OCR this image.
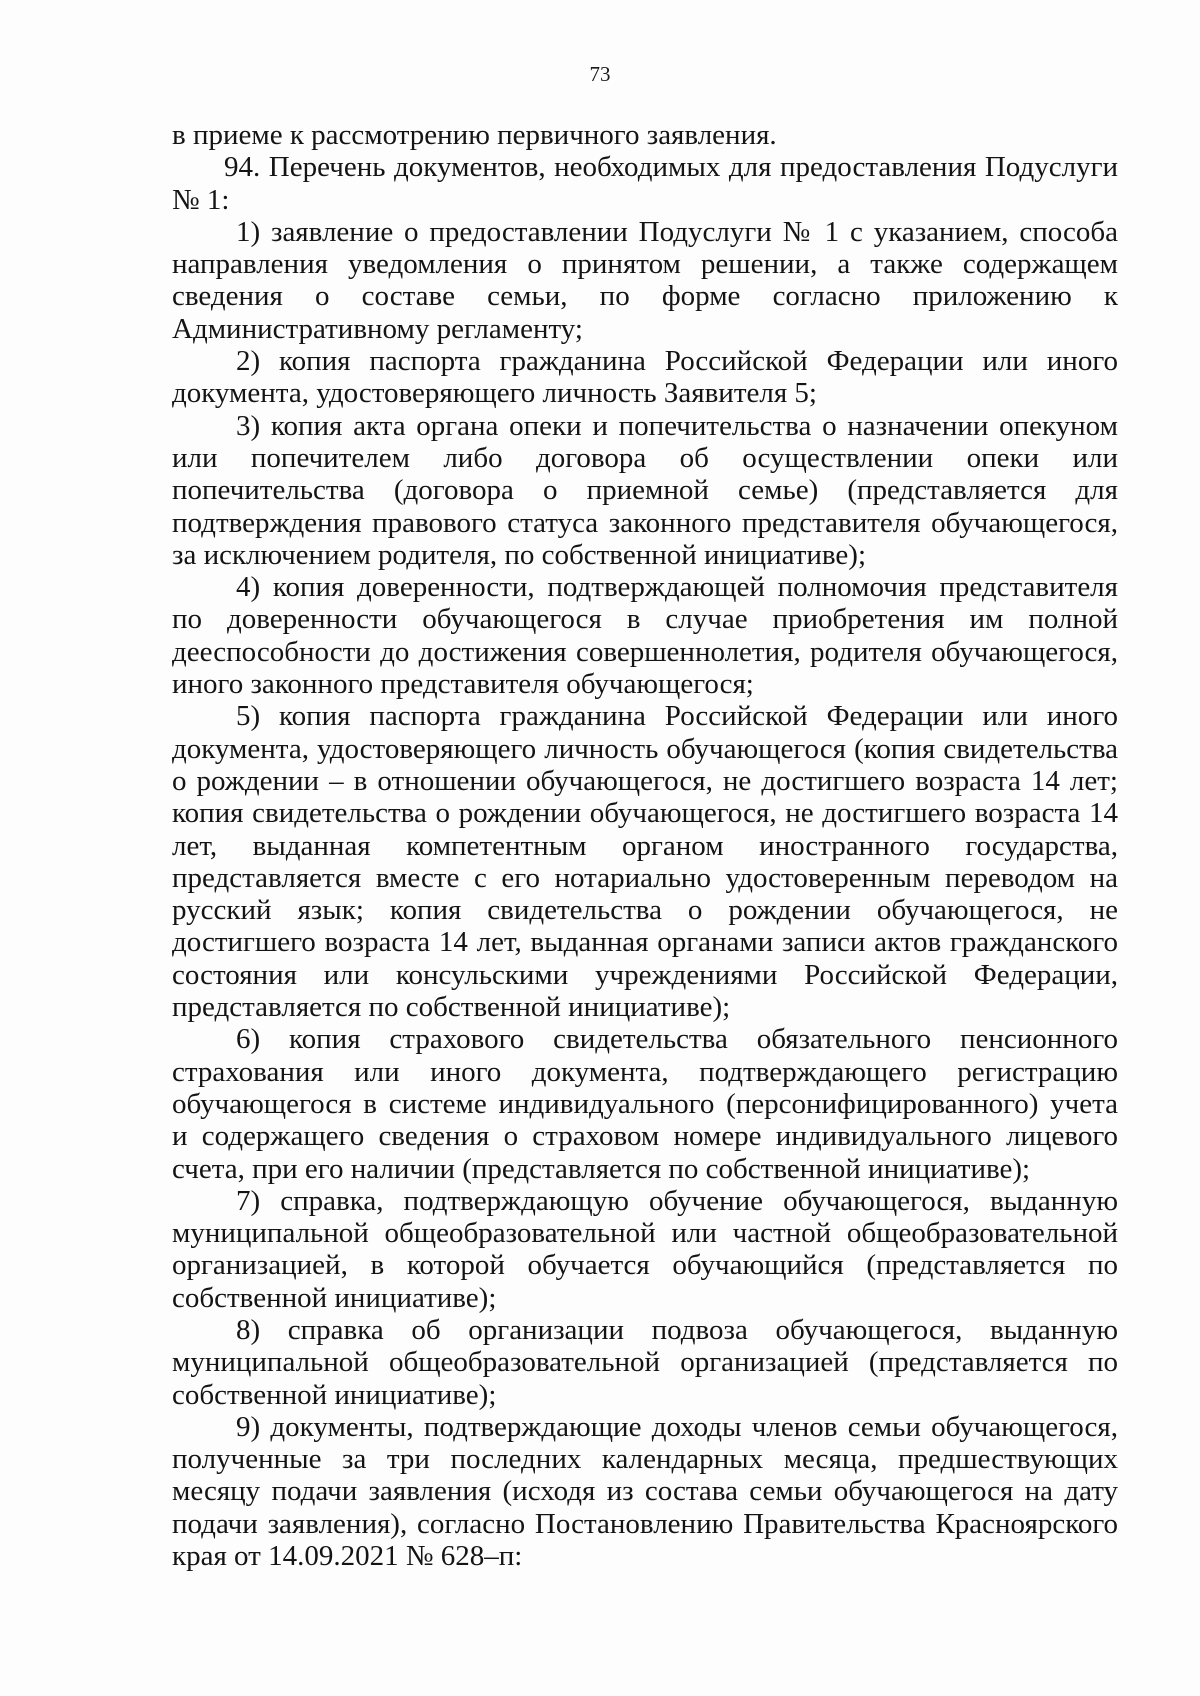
73

в приеме к рассмотрению первичного заявления.

94. Перечень документов, необходимых для предоставления Подуслуги № 1:

1) заявление о предоставлении Подуслуги № 1 с указанием, способа направления уведомления о принятом решении, а также содержащем сведения о составе семьи, по форме согласно приложению к Административному регламенту;

2) копия паспорта гражданина Российской Федерации или иного документа, удостоверяющего личность Заявителя 5;

3) копия акта органа опеки и попечительства о назначении опекуном или попечителем либо договора об осуществлении опеки или попечительства (договора о приемной семье) (представляется для подтверждения правового статуса законного представителя обучающегося, за исключением родителя, по собственной инициативе);

4) копия доверенности, подтверждающей полномочия представителя по доверенности обучающегося в случае приобретения им полной дееспособности до достижения совершеннолетия, родителя обучающегося, иного законного представителя обучающегося;

5) копия паспорта гражданина Российской Федерации или иного документа, удостоверяющего личность обучающегося (копия свидетельства о рождении – в отношении обучающегося, не достигшего возраста 14 лет; копия свидетельства о рождении обучающегося, не достигшего возраста 14 лет, выданная компетентным органом иностранного государства, представляется вместе с его нотариально удостоверенным переводом на русский язык; копия свидетельства о рождении обучающегося, не достигшего возраста 14 лет, выданная органами записи актов гражданского состояния или консульскими учреждениями Российской Федерации, представляется по собственной инициативе);

6) копия страхового свидетельства обязательного пенсионного страхования или иного документа, подтверждающего регистрацию обучающегося в системе индивидуального (персонифицированного) учета и содержащего сведения о страховом номере индивидуального лицевого счета, при его наличии (представляется по собственной инициативе);

7) справка, подтверждающую обучение обучающегося, выданную муниципальной общеобразовательной или частной общеобразовательной организацией, в которой обучается обучающийся (представляется по собственной инициативе);

8) справка об организации подвоза обучающегося, выданную муниципальной общеобразовательной организацией (представляется по собственной инициативе);

9) документы, подтверждающие доходы членов семьи обучающегося, полученные за три последних календарных месяца, предшествующих месяцу подачи заявления (исходя из состава семьи обучающегося на дату подачи заявления), согласно Постановлению Правительства Красноярского края от 14.09.2021 № 628–п:
